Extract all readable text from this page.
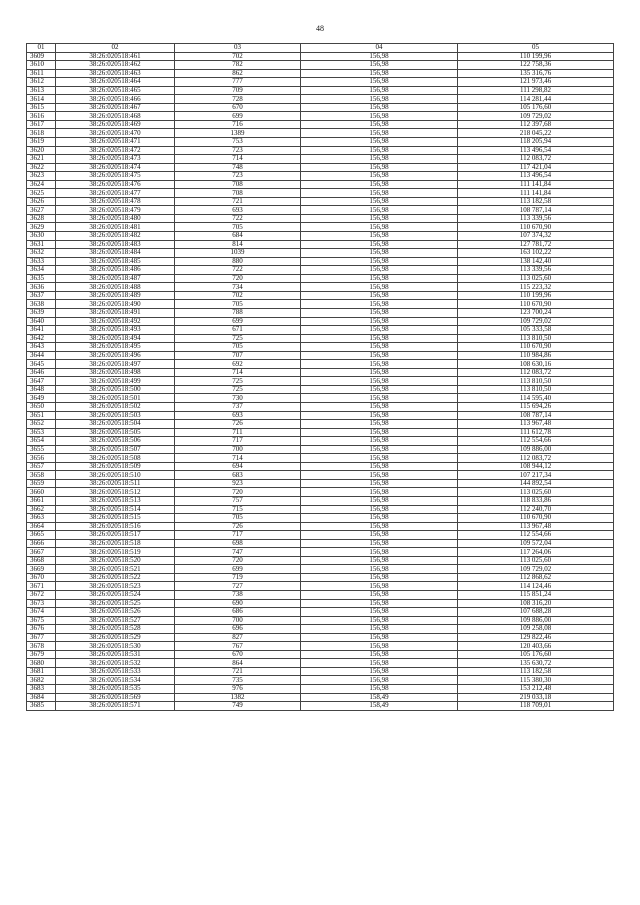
48
01	02	03	04	05
3609	38:26:020518:461	702	156,98	110 199,96
3610	38:26:020518:462	782	156,98	122 758,36
3611	38:26:020518:463	862	156,98	135 316,76
3612	38:26:020518:464	777	156,98	121 973,46
3613	38:26:020518:465	709	156,98	111 298,82
3614	38:26:020518:466	728	156,98	114 281,44
3615	38:26:020518:467	670	156,98	105 176,60
3616	38:26:020518:468	699	156,98	109 729,02
3617	38:26:020518:469	716	156,98	112 397,68
3618	38:26:020518:470	1389	156,98	218 045,22
3619	38:26:020518:471	753	156,98	118 205,94
3620	38:26:020518:472	723	156,98	113 496,54
3621	38:26:020518:473	714	156,98	112 083,72
3622	38:26:020518:474	748	156,98	117 421,04
3623	38:26:020518:475	723	156,98	113 496,54
3624	38:26:020518:476	708	156,98	111 141,84
3625	38:26:020518:477	708	156,98	111 141,84
3626	38:26:020518:478	721	156,98	113 182,58
3627	38:26:020518:479	693	156,98	108 787,14
3628	38:26:020518:480	722	156,98	113 339,56
3629	38:26:020518:481	705	156,98	110 670,90
3630	38:26:020518:482	684	156,98	107 374,32
3631	38:26:020518:483	814	156,98	127 781,72
3632	38:26:020518:484	1039	156,98	163 102,22
3633	38:26:020518:485	880	156,98	138 142,40
3634	38:26:020518:486	722	156,98	113 339,56
3635	38:26:020518:487	720	156,98	113 025,60
3636	38:26:020518:488	734	156,98	115 223,32
3637	38:26:020518:489	702	156,98	110 199,96
3638	38:26:020518:490	705	156,98	110 670,90
3639	38:26:020518:491	788	156,98	123 700,24
3640	38:26:020518:492	699	156,98	109 729,02
3641	38:26:020518:493	671	156,98	105 333,58
3642	38:26:020518:494	725	156,98	113 810,50
3643	38:26:020518:495	705	156,98	110 670,90
3644	38:26:020518:496	707	156,98	110 984,86
3645	38:26:020518:497	692	156,98	108 630,16
3646	38:26:020518:498	714	156,98	112 083,72
3647	38:26:020518:499	725	156,98	113 810,50
3648	38:26:020518:500	725	156,98	113 810,50
3649	38:26:020518:501	730	156,98	114 595,40
3650	38:26:020518:502	737	156,98	115 694,26
3651	38:26:020518:503	693	156,98	108 787,14
3652	38:26:020518:504	726	156,98	113 967,48
3653	38:26:020518:505	711	156,98	111 612,78
3654	38:26:020518:506	717	156,98	112 554,66
3655	38:26:020518:507	700	156,98	109 886,00
3656	38:26:020518:508	714	156,98	112 083,72
3657	38:26:020518:509	694	156,98	108 944,12
3658	38:26:020518:510	683	156,98	107 217,34
3659	38:26:020518:511	923	156,98	144 892,54
3660	38:26:020518:512	720	156,98	113 025,60
3661	38:26:020518:513	757	156,98	118 833,86
3662	38:26:020518:514	715	156,98	112 240,70
3663	38:26:020518:515	705	156,98	110 670,90
3664	38:26:020518:516	726	156,98	113 967,48
3665	38:26:020518:517	717	156,98	112 554,66
3666	38:26:020518:518	698	156,98	109 572,04
3667	38:26:020518:519	747	156,98	117 264,06
3668	38:26:020518:520	720	156,98	113 025,60
3669	38:26:020518:521	699	156,98	109 729,02
3670	38:26:020518:522	719	156,98	112 868,62
3671	38:26:020518:523	727	156,98	114 124,46
3672	38:26:020518:524	738	156,98	115 851,24
3673	38:26:020518:525	690	156,98	108 316,20
3674	38:26:020518:526	686	156,98	107 688,28
3675	38:26:020518:527	700	156,98	109 886,00
3676	38:26:020518:528	696	156,98	109 258,08
3677	38:26:020518:529	827	156,98	129 822,46
3678	38:26:020518:530	767	156,98	120 403,66
3679	38:26:020518:531	670	156,98	105 176,60
3680	38:26:020518:532	864	156,98	135 630,72
3681	38:26:020518:533	721	156,98	113 182,58
3682	38:26:020518:534	735	156,98	115 380,30
3683	38:26:020518:535	976	156,98	153 212,48
3684	38:26:020518:569	1382	158,49	219 033,18
3685	38:26:020518:571	749	158,49	118 709,01
